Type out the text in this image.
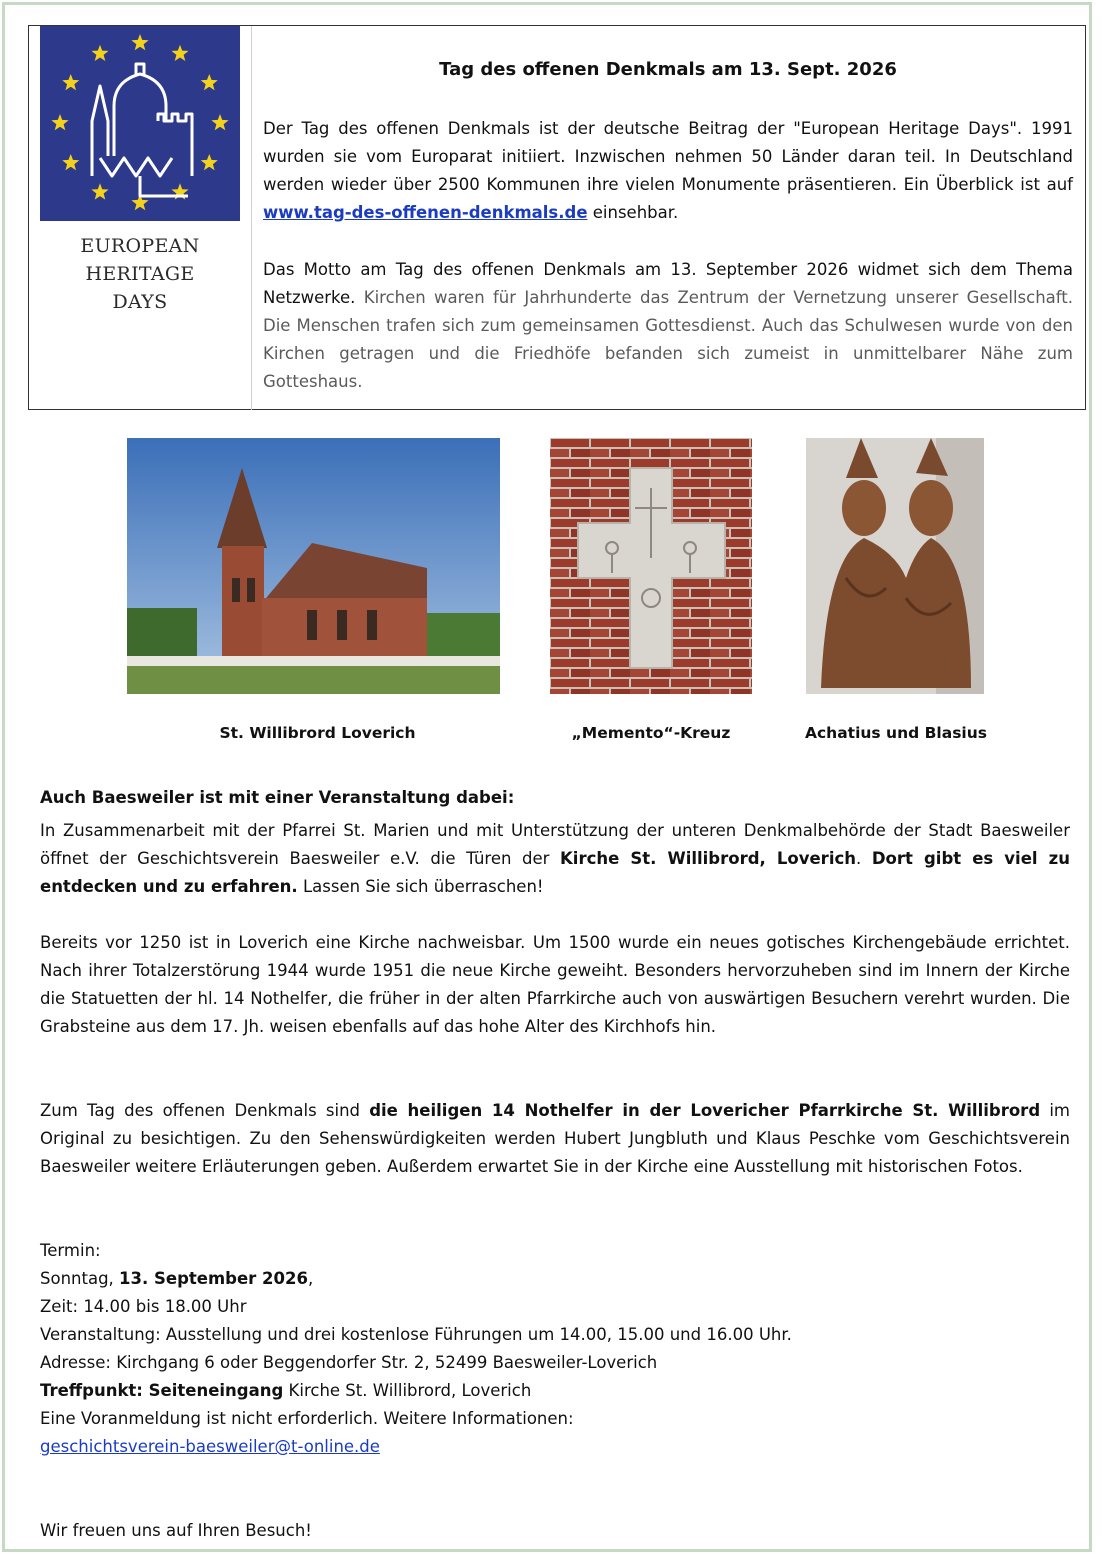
EUROPEAN
HERITAGE
DAYS
Tag des offenen Denkmals am 13. Sept. 2026
Der Tag des offenen Denkmals ist der deutsche Beitrag der "European Heritage Days". 1991 wurden sie vom Europarat initiiert. Inzwischen nehmen 50 Länder daran teil. In Deutschland werden wieder über 2500 Kommunen ihre vielen Monumente präsentieren. Ein Überblick ist auf www.tag-des-offenen-denkmals.de einsehbar.
Das Motto am Tag des offenen Denkmals am 13. September 2026 widmet sich dem Thema Netzwerke. Kirchen waren für Jahrhunderte das Zentrum der Vernetzung unserer Gesellschaft. Die Menschen trafen sich zum gemeinsamen Gottesdienst. Auch das Schulwesen wurde von den Kirchen getragen und die Friedhöfe befanden sich zumeist in unmittelbarer Nähe zum Gotteshaus.
St. Willibrord Loverich	„Memento“-Kreuz	Achatius und Blasius
Auch Baesweiler ist mit einer Veranstaltung dabei:
In Zusammenarbeit mit der Pfarrei St. Marien und mit Unterstützung der unteren Denkmalbehörde der Stadt Baesweiler öffnet der Geschichtsverein Baesweiler e.V. die Türen der Kirche St. Willibrord, Loverich. Dort gibt es viel zu entdecken und zu erfahren. Lassen Sie sich überraschen!
Bereits vor 1250 ist in Loverich eine Kirche nachweisbar. Um 1500 wurde ein neues gotisches Kirchengebäude errichtet. Nach ihrer Totalzerstörung 1944 wurde 1951 die neue Kirche geweiht. Besonders hervorzuheben sind im Innern der Kirche die Statuetten der hl. 14 Nothelfer, die früher in der alten Pfarrkirche auch von auswärtigen Besuchern verehrt wurden. Die Grabsteine aus dem 17. Jh. weisen ebenfalls auf das hohe Alter des Kirchhofs hin.
Zum Tag des offenen Denkmals sind die heiligen 14 Nothelfer in der Lovericher Pfarrkirche St. Willibrord im Original zu besichtigen. Zu den Sehenswürdigkeiten werden Hubert Jungbluth und Klaus Peschke vom Geschichtsverein Baesweiler weitere Erläuterungen geben. Außerdem erwartet Sie in der Kirche eine Ausstellung mit historischen Fotos.
Termin:
Sonntag, 13. September 2026,
Zeit: 14.00 bis 18.00 Uhr
Veranstaltung: Ausstellung und drei kostenlose Führungen um 14.00, 15.00 und 16.00 Uhr.
Adresse: Kirchgang 6 oder Beggendorfer Str. 2, 52499 Baesweiler-Loverich
Treffpunkt: Seiteneingang Kirche St. Willibrord, Loverich
Eine Voranmeldung ist nicht erforderlich. Weitere Informationen:
geschichtsverein-baesweiler@t-online.de
Wir freuen uns auf Ihren Besuch!
